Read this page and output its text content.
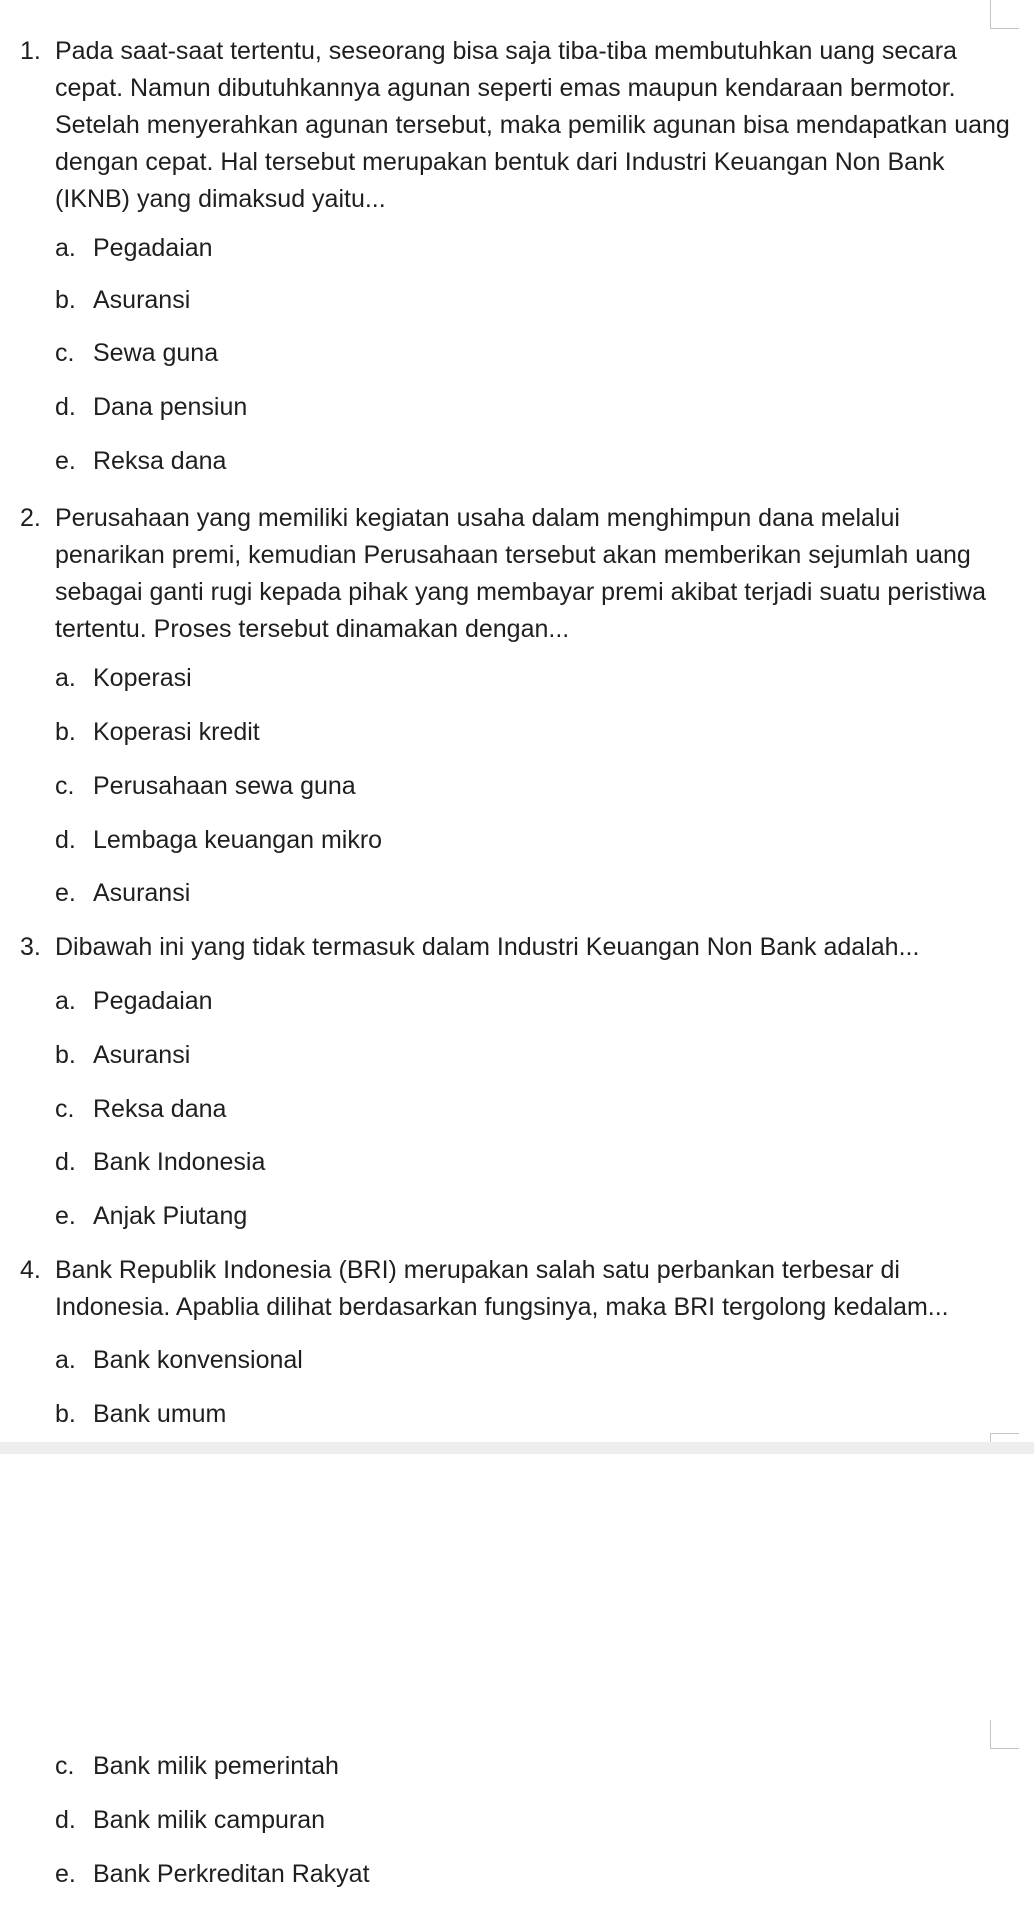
1. Pada saat-saat tertentu, seseorang bisa saja tiba-tiba membutuhkan uang secara cepat. Namun dibutuhkannya agunan seperti emas maupun kendaraan bermotor. Setelah menyerahkan agunan tersebut, maka pemilik agunan bisa mendapatkan uang dengan cepat. Hal tersebut merupakan bentuk dari Industri Keuangan Non Bank (IKNB) yang dimaksud yaitu...
a. Pegadaian
b. Asuransi
c. Sewa guna
d. Dana pensiun
e. Reksa dana
2. Perusahaan yang memiliki kegiatan usaha dalam menghimpun dana melalui penarikan premi, kemudian Perusahaan tersebut akan memberikan sejumlah uang sebagai ganti rugi kepada pihak yang membayar premi akibat terjadi suatu peristiwa tertentu. Proses tersebut dinamakan dengan...
a. Koperasi
b. Koperasi kredit
c. Perusahaan sewa guna
d. Lembaga keuangan mikro
e. Asuransi
3. Dibawah ini yang tidak termasuk dalam Industri Keuangan Non Bank adalah...
a. Pegadaian
b. Asuransi
c. Reksa dana
d. Bank Indonesia
e. Anjak Piutang
4. Bank Republik Indonesia (BRI) merupakan salah satu perbankan terbesar di Indonesia. Apablia dilihat berdasarkan fungsinya, maka BRI tergolong kedalam...
a. Bank konvensional
b. Bank umum
c. Bank milik pemerintah
d. Bank milik campuran
e. Bank Perkreditan Rakyat
